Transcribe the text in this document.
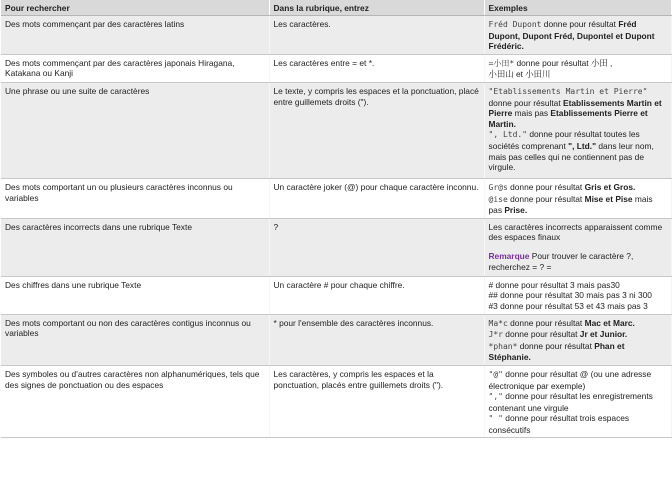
Pour rechercher	Dans la rubrique, entrez	Exemples
Des mots commençant par des caractères latins	Les caractères.	Fréd Dupont donne pour résultat Fréd Dupont, Dupont Fréd, Dupontel et Dupont Frédéric.
Des mots commençant par des caractères japonais Hiragana, Katakana ou Kanji	Les caractères entre = et *.	=小田* donne pour résultat 小田 ,
小田山 et 小田川
Une phrase ou une suite de caractères	Le texte, y compris les espaces et la ponctuation, placé entre guillemets droits (").	"Etablissements Martin et Pierre" donne pour résultat Etablissements Martin et Pierre mais pas Etablissements Pierre et Martin.
", Ltd." donne pour résultat toutes les sociétés comprenant ", Ltd." dans leur nom, mais pas celles qui ne contiennent pas de virgule.
Des mots comportant un ou plusieurs caractères inconnus ou variables	Un caractère joker (@) pour chaque caractère inconnu.	Gr@s donne pour résultat Gris et Gros.
@ise donne pour résultat Mise et Pise mais pas Prise.
Des caractères incorrects dans une rubrique Texte	?	Les caractères incorrects apparaissent comme des espaces finaux
Remarque Pour trouver le caractère ?, recherchez = ? =
Des chiffres dans une rubrique Texte	Un caractère # pour chaque chiffre.	# donne pour résultat 3 mais pas30
## donne pour résultat 30 mais pas 3 ni 300
#3 donne pour résultat 53 et 43 mais pas 3

Des mots comportant ou non des caractères contigus inconnus ou variables	* pour l'ensemble des caractères inconnus.	Ma*c donne pour résultat Mac et Marc.
J*r donne pour résultat Jr et Junior.
*phan* donne pour résultat Phan et Stéphanie.
Des symboles ou d'autres caractères non alphanumériques, tels que des signes de ponctuation ou des espaces	Les caractères, y compris les espaces et la ponctuation, placés entre guillemets droits (").	"@" donne pour résultat @ (ou une adresse électronique par exemple)
"," donne pour résultat les enregistrements contenant une virgule
" " donne pour résultat trois espaces consécutifs
